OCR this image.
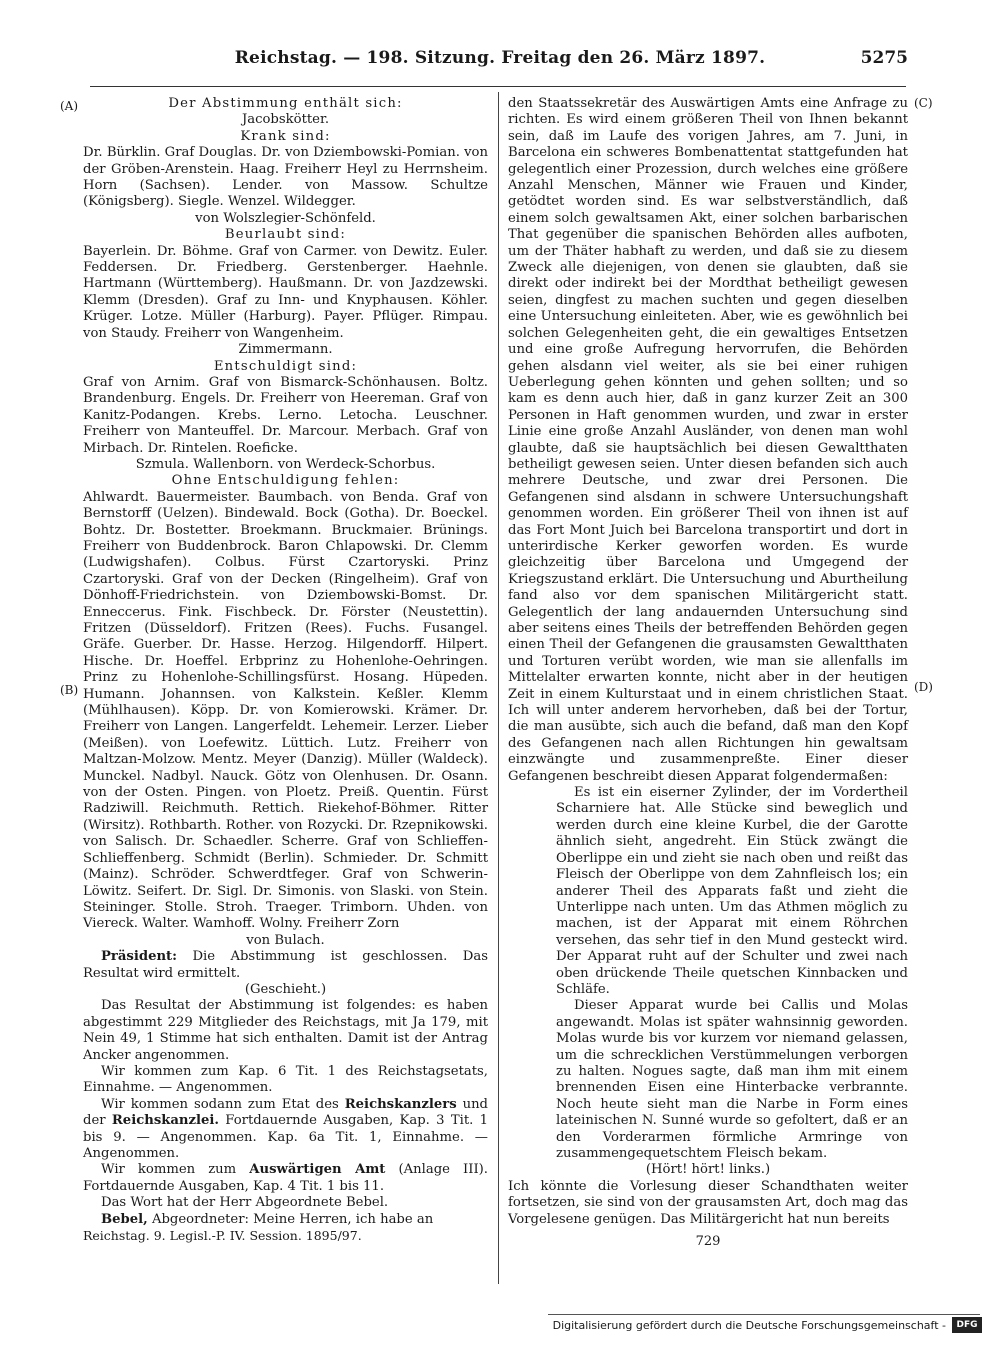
Reichstag. — 198. Sitzung. Freitag den 26. März 1897.	5275
(A)
(B)
(C)
(D)

Der Abstimmung enthält sich:

Jacobskötter.

Krank sind:

Dr. Bürklin. Graf Douglas. Dr. von Dziembowski-Pomian. von der Gröben-Arenstein. Haag. Freiherr Heyl zu Herrnsheim. Horn (Sachsen). Lender. von Massow. Schultze (Königsberg). Siegle. Wenzel. Wildegger.

von Wolszlegier-Schönfeld.

Beurlaubt sind:

Bayerlein. Dr. Böhme. Graf von Carmer. von Dewitz. Euler. Feddersen. Dr. Friedberg. Gerstenberger. Haehnle. Hartmann (Württemberg). Haußmann. Dr. von Jazdzewski. Klemm (Dresden). Graf zu Inn- und Knyphausen. Köhler. Krüger. Lotze. Müller (Harburg). Payer. Pflüger. Rimpau. von Staudy. Freiherr von Wangenheim.

Zimmermann.

Entschuldigt sind:

Graf von Arnim. Graf von Bismarck-Schönhausen. Boltz. Brandenburg. Engels. Dr. Freiherr von Heereman. Graf von Kanitz-Podangen. Krebs. Lerno. Letocha. Leuschner. Freiherr von Manteuffel. Dr. Marcour. Merbach. Graf von Mirbach. Dr. Rintelen. Roeficke.

Szmula. Wallenborn. von Werdeck-Schorbus.

Ohne Entschuldigung fehlen:

Ahlwardt. Bauermeister. Baumbach. von Benda. Graf von Bernstorff (Uelzen). Bindewald. Bock (Gotha). Dr. Boeckel. Bohtz. Dr. Bostetter. Broekmann. Bruckmaier. Brünings. Freiherr von Buddenbrock. Baron Chlapowski. Dr. Clemm (Ludwigshafen). Colbus. Fürst Czartoryski. Prinz Czartoryski. Graf von der Decken (Ringelheim). Graf von Dönhoff-Friedrichstein. von Dziembowski-Bomst. Dr. Enneccerus. Fink. Fischbeck. Dr. Förster (Neustettin). Fritzen (Düsseldorf). Fritzen (Rees). Fuchs. Fusangel. Gräfe. Guerber. Dr. Hasse. Herzog. Hilgendorff. Hilpert. Hische. Dr. Hoeffel. Erbprinz zu Hohenlohe-Oehringen. Prinz zu Hohenlohe-Schillingsfürst. Hosang. Hüpeden. Humann. Johannsen. von Kalkstein. Keßler. Klemm (Mühlhausen). Köpp. Dr. von Komierowski. Krämer. Dr. Freiherr von Langen. Langerfeldt. Lehemeir. Lerzer. Lieber (Meißen). von Loefewitz. Lüttich. Lutz. Freiherr von Maltzan-Molzow. Mentz. Meyer (Danzig). Müller (Waldeck). Munckel. Nadbyl. Nauck. Götz von Olenhusen. Dr. Osann. von der Osten. Pingen. von Ploetz. Preiß. Quentin. Fürst Radziwill. Reichmuth. Rettich. Riekehof-Böhmer. Ritter (Wirsitz). Rothbarth. Rother. von Rozycki. Dr. Rzepnikowski. von Salisch. Dr. Schaedler. Scherre. Graf von Schlieffen-Schlieffenberg. Schmidt (Berlin). Schmieder. Dr. Schmitt (Mainz). Schröder. Schwerdtfeger. Graf von Schwerin-Löwitz. Seifert. Dr. Sigl. Dr. Simonis. von Slaski. von Stein. Steininger. Stolle. Stroh. Traeger. Trimborn. Uhden. von Viereck. Walter. Wamhoff. Wolny. Freiherr Zorn

von Bulach.

Präsident: Die Abstimmung ist geschlossen. Das Resultat wird ermittelt.

(Geschieht.)

Das Resultat der Abstimmung ist folgendes: es haben abgestimmt 229 Mitglieder des Reichstags, mit Ja 179, mit Nein 49, 1 Stimme hat sich enthalten. Damit ist der Antrag Ancker angenommen.

Wir kommen zum Kap. 6 Tit. 1 des Reichstagsetats, Einnahme. — Angenommen.

Wir kommen sodann zum Etat des Reichskanzlers und der Reichskanzlei. Fortdauernde Ausgaben, Kap. 3 Tit. 1 bis 9. — Angenommen. Kap. 6a Tit. 1, Einnahme. — Angenommen.

Wir kommen zum Auswärtigen Amt (Anlage III). Fortdauernde Ausgaben, Kap. 4 Tit. 1 bis 11.

Das Wort hat der Herr Abgeordnete Bebel.

Bebel, Abgeordneter: Meine Herren, ich habe an

Reichstag. 9. Legisl.-P. IV. Session. 1895/97.

den Staatssekretär des Auswärtigen Amts eine Anfrage zu richten. Es wird einem größeren Theil von Ihnen bekannt sein, daß im Laufe des vorigen Jahres, am 7. Juni, in Barcelona ein schweres Bombenattentat stattgefunden hat gelegentlich einer Prozession, durch welches eine größere Anzahl Menschen, Männer wie Frauen und Kinder, getödtet worden sind. Es war selbstverständlich, daß einem solch gewaltsamen Akt, einer solchen barbarischen That gegenüber die spanischen Behörden alles aufboten, um der Thäter habhaft zu werden, und daß sie zu diesem Zweck alle diejenigen, von denen sie glaubten, daß sie direkt oder indirekt bei der Mordthat betheiligt gewesen seien, dingfest zu machen suchten und gegen dieselben eine Untersuchung einleiteten. Aber, wie es gewöhnlich bei solchen Gelegenheiten geht, die ein gewaltiges Entsetzen und eine große Aufregung hervorrufen, die Behörden gehen alsdann viel weiter, als sie bei einer ruhigen Ueberlegung gehen könnten und gehen sollten; und so kam es denn auch hier, daß in ganz kurzer Zeit an 300 Personen in Haft genommen wurden, und zwar in erster Linie eine große Anzahl Ausländer, von denen man wohl glaubte, daß sie hauptsächlich bei diesen Gewaltthaten betheiligt gewesen seien. Unter diesen befanden sich auch mehrere Deutsche, und zwar drei Personen. Die Gefangenen sind alsdann in schwere Untersuchungshaft genommen worden. Ein größerer Theil von ihnen ist auf das Fort Mont Juich bei Barcelona transportirt und dort in unterirdische Kerker geworfen worden. Es wurde gleichzeitig über Barcelona und Umgegend der Kriegszustand erklärt. Die Untersuchung und Aburtheilung fand also vor dem spanischen Militärgericht statt. Gelegentlich der lang andauernden Untersuchung sind aber seitens eines Theils der betreffenden Behörden gegen einen Theil der Gefangenen die grausamsten Gewaltthaten und Torturen verübt worden, wie man sie allenfalls im Mittelalter erwarten konnte, nicht aber in der heutigen Zeit in einem Kulturstaat und in einem christlichen Staat. Ich will unter anderem hervorheben, daß bei der Tortur, die man ausübte, sich auch die befand, daß man den Kopf des Gefangenen nach allen Richtungen hin gewaltsam einzwängte und zusammenpreßte. Einer dieser Gefangenen beschreibt diesen Apparat folgendermaßen:

Es ist ein eiserner Zylinder, der im Vordertheil Scharniere hat. Alle Stücke sind beweglich und werden durch eine kleine Kurbel, die der Garotte ähnlich sieht, angedreht. Ein Stück zwängt die Oberlippe ein und zieht sie nach oben und reißt das Fleisch der Oberlippe von dem Zahnfleisch los; ein anderer Theil des Apparats faßt und zieht die Unterlippe nach unten. Um das Athmen möglich zu machen, ist der Apparat mit einem Röhrchen versehen, das sehr tief in den Mund gesteckt wird. Der Apparat ruht auf der Schulter und zwei nach oben drückende Theile quetschen Kinnbacken und Schläfe.

Dieser Apparat wurde bei Callis und Molas angewandt. Molas ist später wahnsinnig geworden. Molas wurde bis vor kurzem vor niemand gelassen, um die schrecklichen Verstümmelungen verborgen zu halten. Nogues sagte, daß man ihm mit einem brennenden Eisen eine Hinterbacke verbrannte. Noch heute sieht man die Narbe in Form eines lateinischen N. Sunné wurde so gefoltert, daß er an den Vorderarmen förmliche Armringe von zusammengequetschtem Fleisch bekam.

(Hört! hört! links.)

Ich könnte die Vorlesung dieser Schandthaten weiter fortsetzen, sie sind von der grausamsten Art, doch mag das Vorgelesene genügen. Das Militärgericht hat nun bereits

729

Digitalisierung gefördert durch die Deutsche Forschungsgemeinschaft -	DFG
